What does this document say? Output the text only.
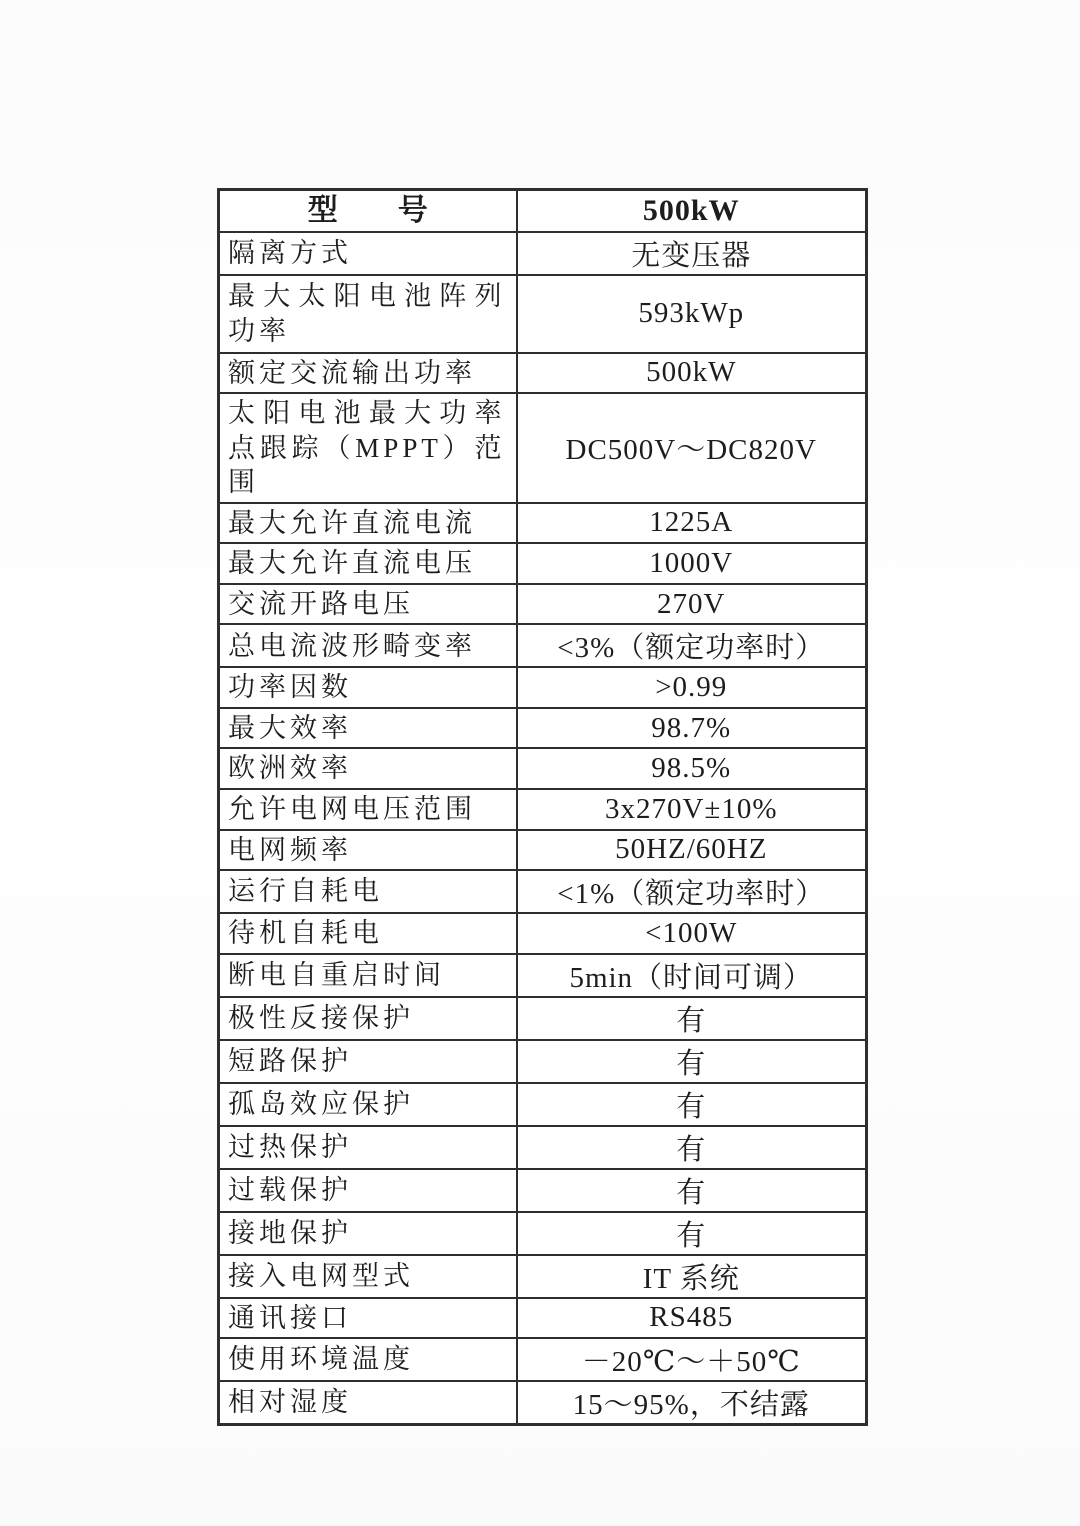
型　　号	500kW
隔离方式	无变压器
最大太阳电池阵列功率	593kWp
额定交流输出功率	500kW
太阳电池最大功率点跟踪（MPPT）范围	DC500V～DC820V
最大允许直流电流	1225A
最大允许直流电压	1000V
交流开路电压	270V
总电流波形畸变率	<3%（额定功率时）
功率因数	>0.99
最大效率	98.7%
欧洲效率	98.5%
允许电网电压范围	3x270V±10%
电网频率	50HZ/60HZ
运行自耗电	<1%（额定功率时）
待机自耗电	<100W
断电自重启时间	5min（时间可调）
极性反接保护	有
短路保护	有
孤岛效应保护	有
过热保护	有
过载保护	有
接地保护	有
接入电网型式	IT 系统
通讯接口	RS485
使用环境温度	－20℃～＋50℃
相对湿度	15～95%，不结露
